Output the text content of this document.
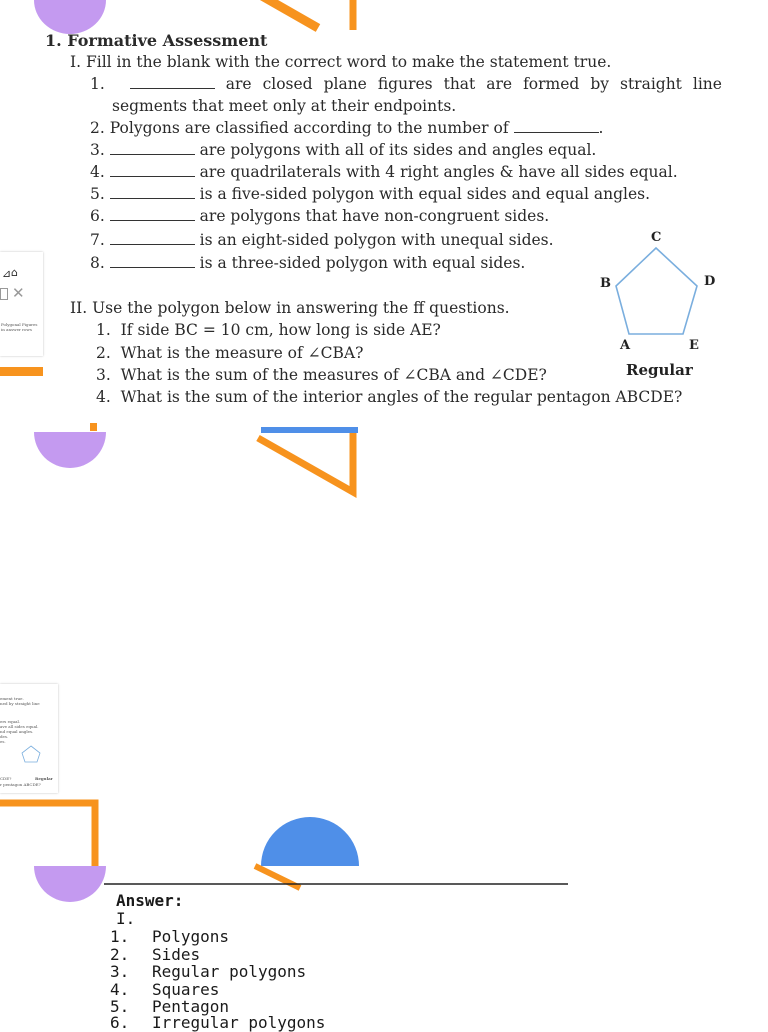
⊿ ⌂
✕
Polygonal Figures
in answer rows
1. Formative Assessment
I. Fill in the blank with the correct word to make the statement true.
1.	are closed plane figures that are formed by straight line
segments that meet only at their endpoints.
2. Polygons are classified according to the number of	.
3.	are polygons with all of its sides and angles equal.
4.	are quadrilaterals with 4 right angles & have all sides equal.
5.	is a five-sided polygon with equal sides and equal angles.
6.	are polygons that have non-congruent sides.
7.	is an eight-sided polygon with unequal sides.
8.	is a three-sided polygon with equal sides.
II. Use the polygon below in answering the ff questions.
1. If side BC = 10 cm, how long is side AE?
2. What is the measure of ∠CBA?
3. What is the sum of the measures of ∠CBA and ∠CDE?
4. What is the sum of the interior angles of the regular pentagon ABCDE?
C
B	D
A	E
Regular
ement true.
ned by straight line
ers equal.
ave all sides equal.
nd equal angles.
des.
es.
CDE?	Regular
r pentagon ABCDE?
Answer:
I.
1. Polygons
2. Sides
3. Regular polygons
4. Squares
5. Pentagon
6. Irregular polygons
